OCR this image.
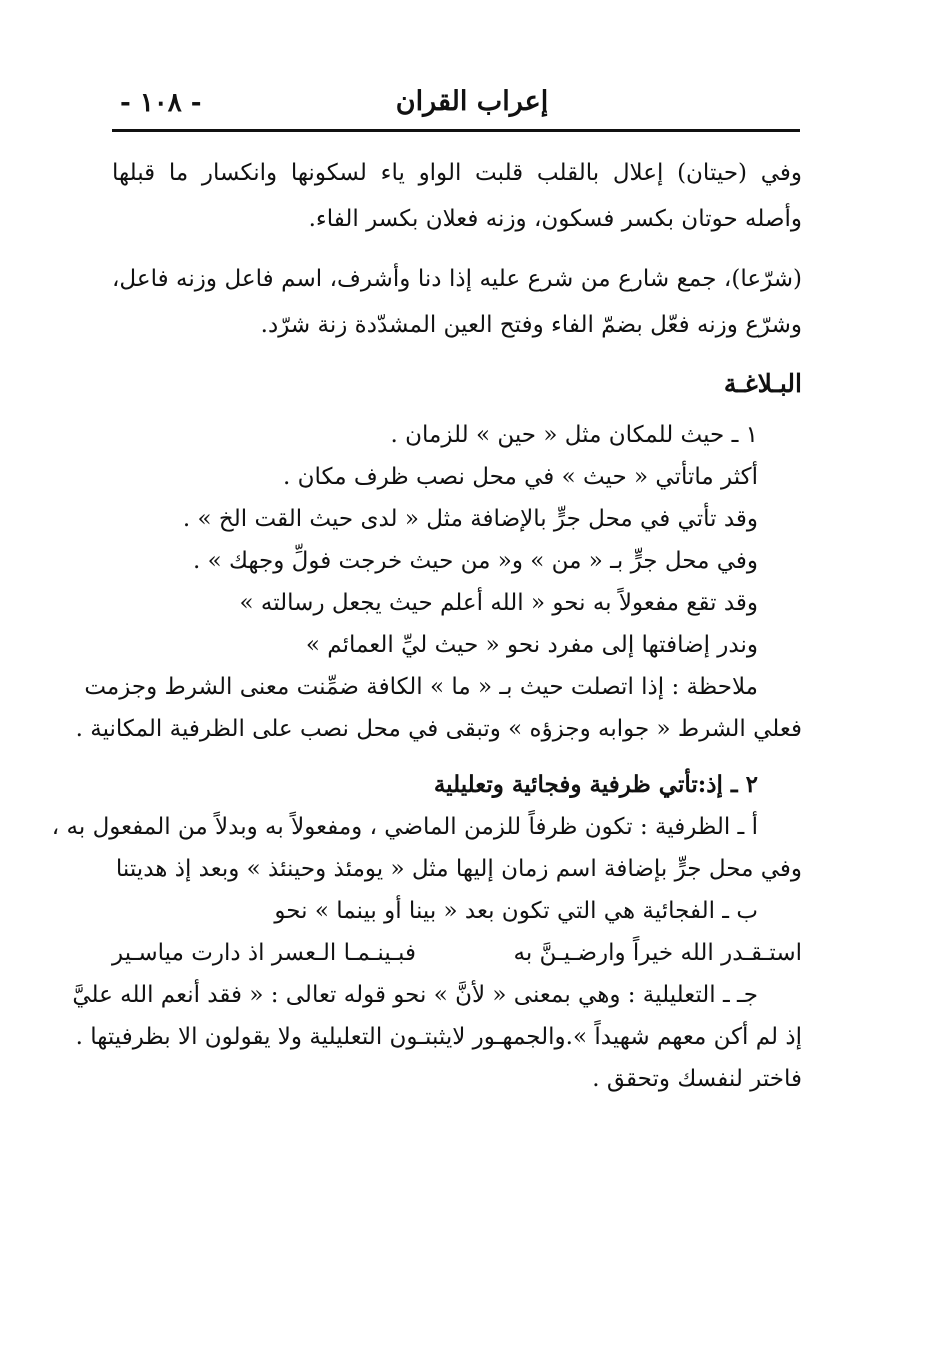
- ١٠٨ -	إعراب القران

وفي (حيتان) إعلال بالقلب قلبت الواو ياء لسكونها وانكسار ما قبلها وأصله حوتان بكسر فسكون، وزنه فعلان بكسر الفاء.

(شرّعا)، جمع شارع من شرع عليه إذا دنا وأشرف، اسم فاعل وزنه فاعل، وشرّع وزنه فعّل بضمّ الفاء وفتح العين المشدّدة زنة شرّد.

البـلاغـة
١ ـ حيث للمكان مثل « حين » للزمان .
أكثر ماتأتي « حيث » في محل نصب ظرف مكان .
وقد تأتي في محل جرٍّ بالإضافة مثل « لدى حيث القت الخ » .
وفي محل جرٍّ بـ « من » و« من حيث خرجت فولِّ وجهك » .
وقد تقع مفعولاً به نحو « الله أعلم حيث يجعل رسالته »
وندر إضافتها إلى مفرد نحو « حيث ليِّ العمائم »
ملاحظة : إذا اتصلت حيث بـ « ما » الكافة ضمِّنت معنى الشرط وجزمت
فعلي الشرط « جوابه وجزؤه » وتبقى في محل نصب على الظرفية المكانية .
٢ ـ إذ:تأتي ظرفية وفجائية وتعليلية
أ ـ الظرفية : تكون ظرفاً للزمن الماضي ، ومفعولاً به وبدلاً من المفعول به ،
وفي محل جرٍّ بإضافة اسم زمان إليها مثل « يومئذ وحينئذ » وبعد إذ هديتنا
ب ـ الفجائية هي التي تكون بعد « بينا أو بينما » نحو
استـقـدر الله خيراً وارضـيـنَّ به
فبـينـمـا الـعسر اذ دارت مياسـير
جـ ـ التعليلية : وهي بمعنى « لأنَّ » نحو قوله تعالى : « فقد أنعم الله عليَّ
إذ لم أكن معهم شهيداً ».والجمهـور لايثبتـون التعليلية ولا يقولون الا بظرفيتها .
فاختر لنفسك وتحقق .
